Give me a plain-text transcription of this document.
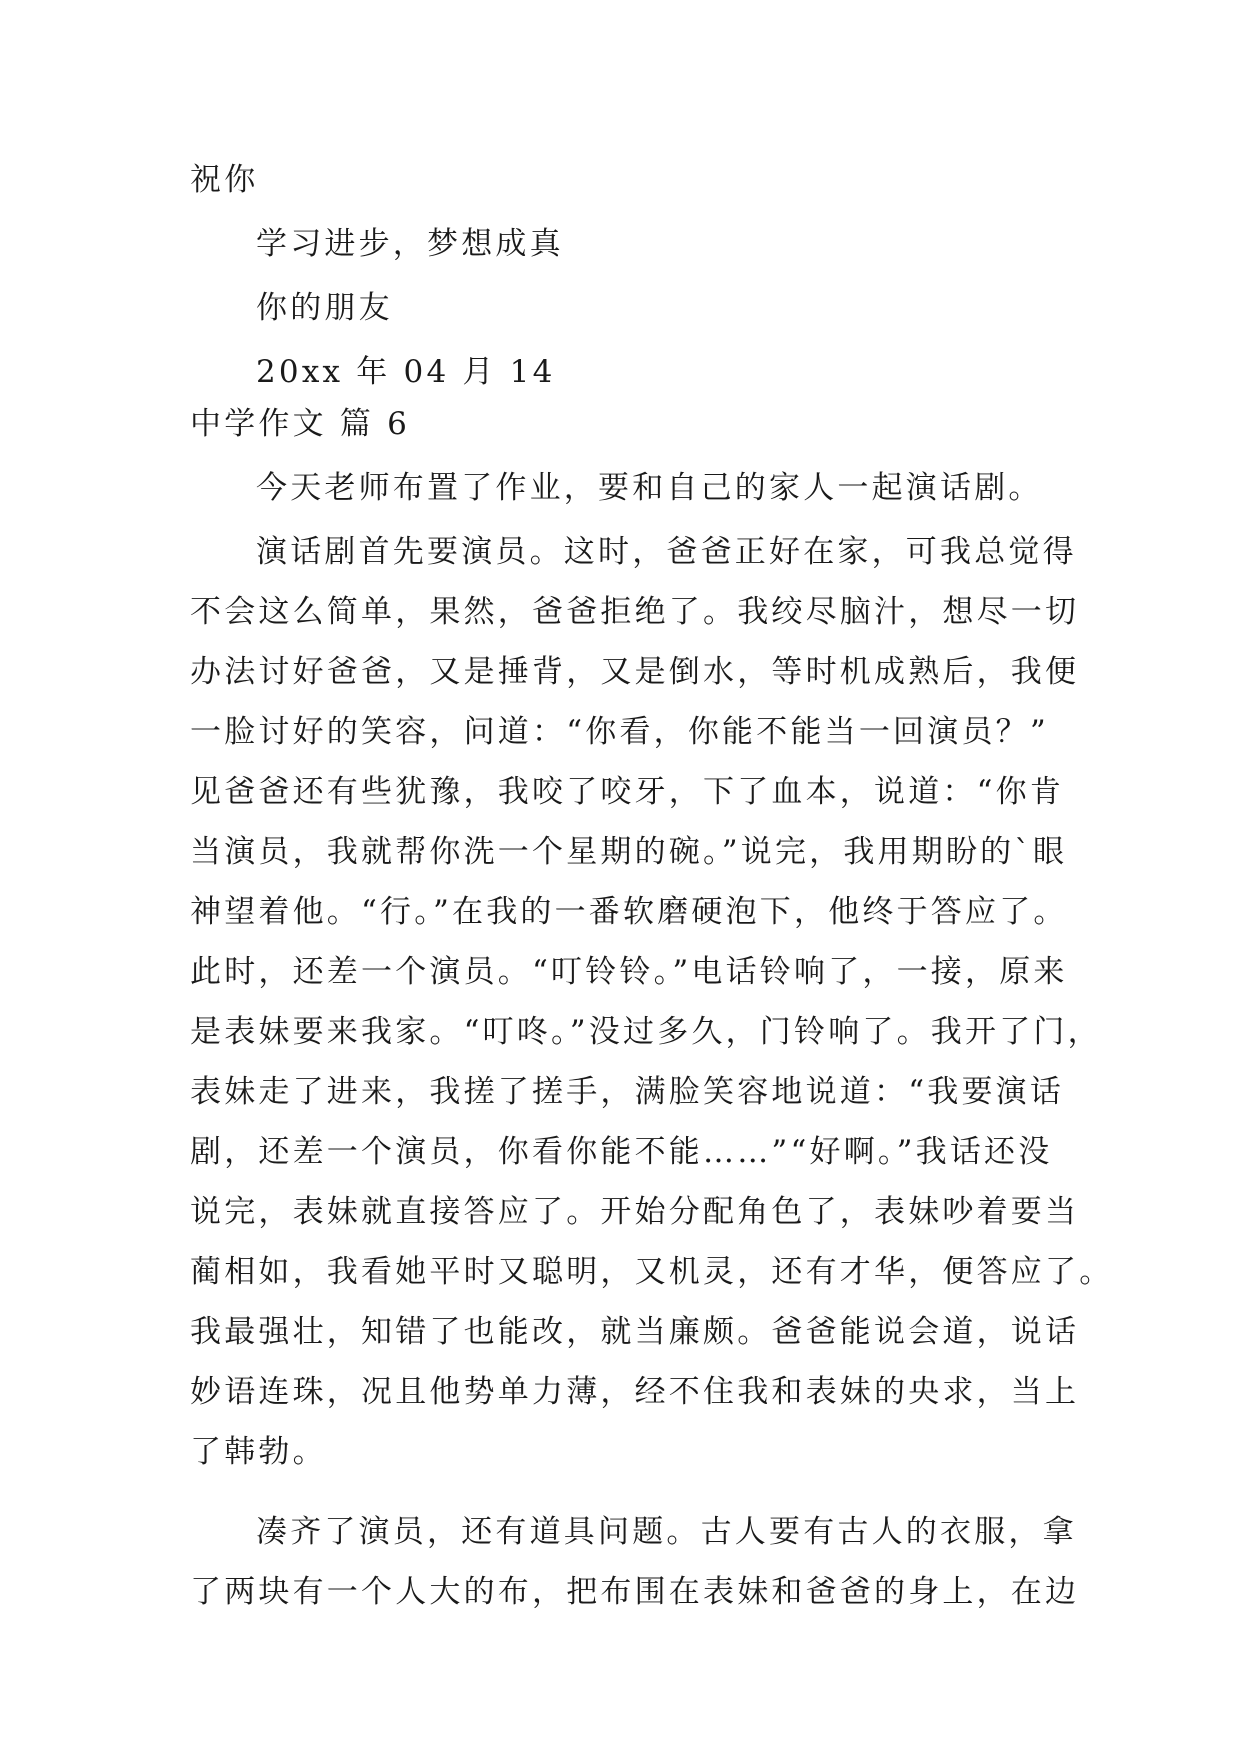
祝你
学习进步，梦想成真
你的朋友
20xx 年 04 月 14
中学作文 篇 6
今天老师布置了作业，要和自己的家人一起演话剧。
演话剧首先要演员。这时，爸爸正好在家，可我总觉得
不会这么简单，果然，爸爸拒绝了。我绞尽脑汁，想尽一切
办法讨好爸爸，又是捶背，又是倒水，等时机成熟后，我便
一脸讨好的笑容，问道：“你看，你能不能当一回演员？”
见爸爸还有些犹豫，我咬了咬牙，下了血本，说道：“你肯
当演员，我就帮你洗一个星期的碗。”说完，我用期盼的`眼
神望着他。“行。”在我的一番软磨硬泡下，他终于答应了。
此时，还差一个演员。“叮铃铃。”电话铃响了，一接，原来
是表妹要来我家。“叮咚。”没过多久，门铃响了。我开了门，
表妹走了进来，我搓了搓手，满脸笑容地说道：“我要演话
剧，还差一个演员，你看你能不能……”“好啊。”我话还没
说完，表妹就直接答应了。开始分配角色了，表妹吵着要当
蔺相如，我看她平时又聪明，又机灵，还有才华，便答应了。
我最强壮，知错了也能改，就当廉颇。爸爸能说会道，说话
妙语连珠，况且他势单力薄，经不住我和表妹的央求，当上
了韩勃。
凑齐了演员，还有道具问题。古人要有古人的衣服，拿
了两块有一个人大的布，把布围在表妹和爸爸的身上，在边
